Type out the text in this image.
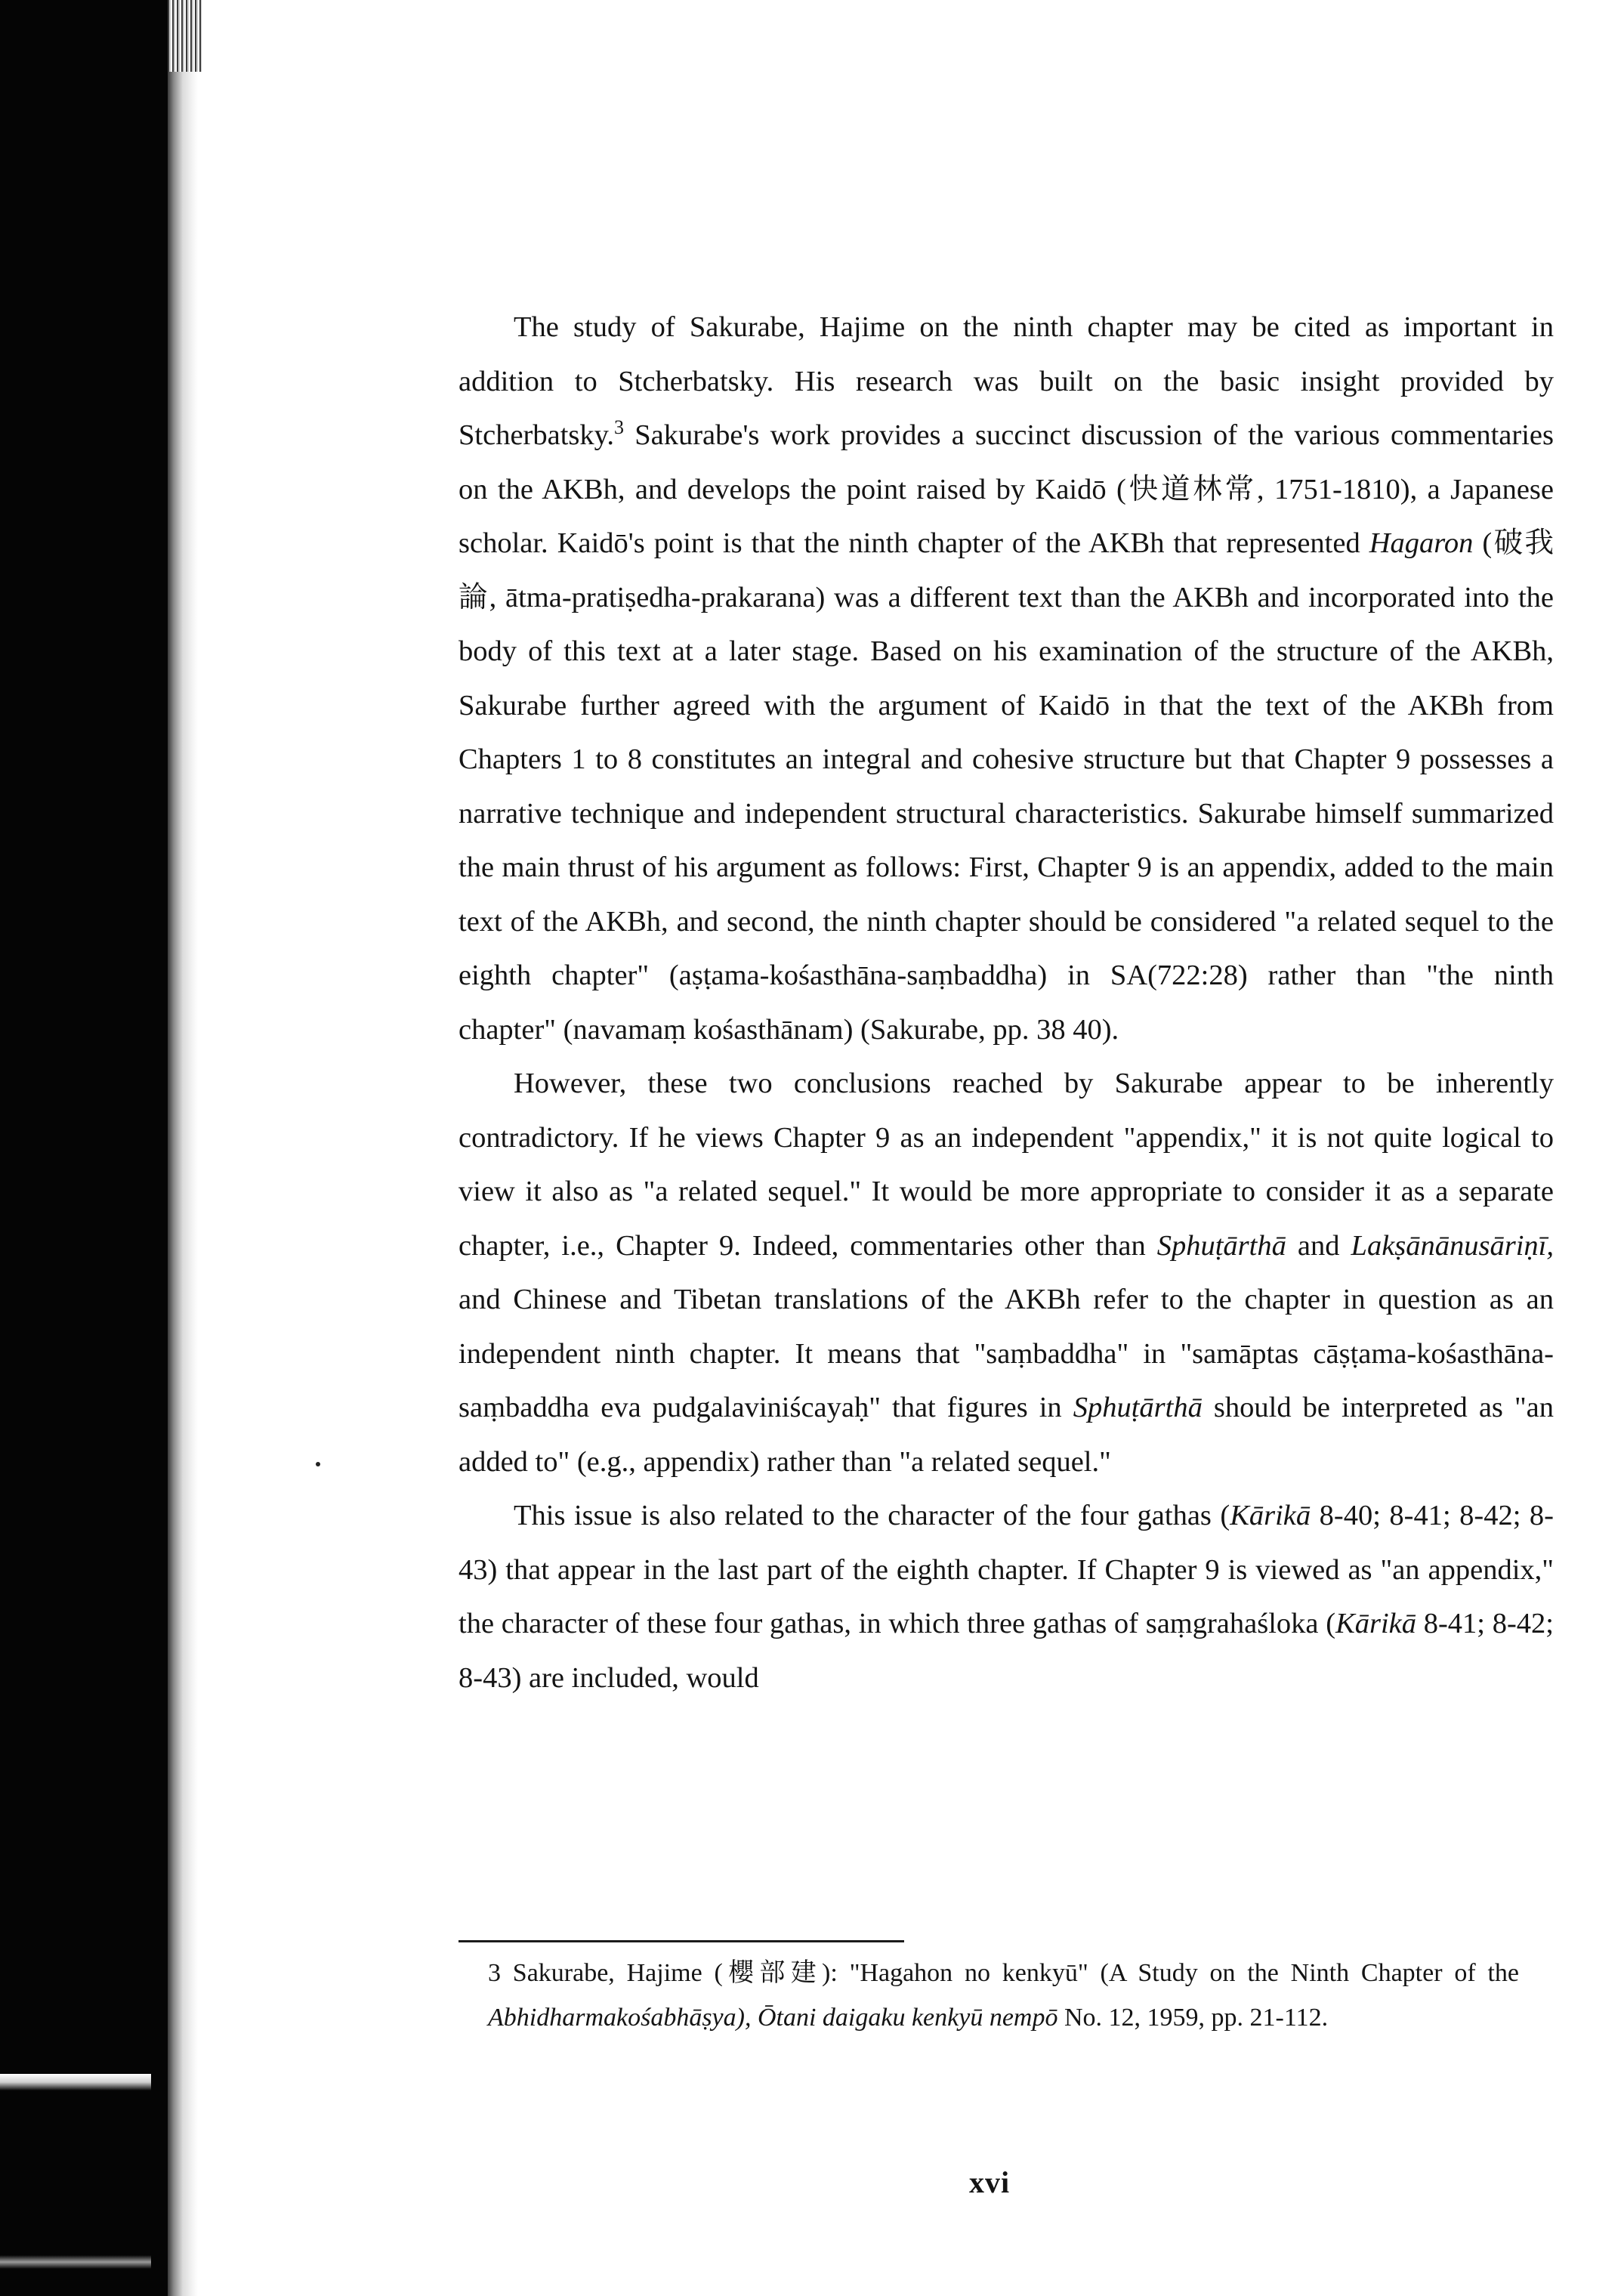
The study of Sakurabe, Hajime on the ninth chapter may be cited as important in addition to Stcherbatsky. His research was built on the basic insight provided by Stcherbatsky.$^3$ Sakurabe's work provides a succinct discussion of the various commentaries on the AKBh, and develops the point raised by Kaidō (快道林常, 1751-1810), a Japanese scholar. Kaidō's point is that the ninth chapter of the AKBh that represented Hagaron (破我論, ātma-pratiṣedha-prakarana) was a different text than the AKBh and incorporated into the body of this text at a later stage. Based on his examination of the structure of the AKBh, Sakurabe further agreed with the argument of Kaidō in that the text of the AKBh from Chapters 1 to 8 constitutes an integral and cohesive structure but that Chapter 9 possesses a narrative technique and independent structural characteristics. Sakurabe himself summarized the main thrust of his argument as follows: First, Chapter 9 is an appendix, added to the main text of the AKBh, and second, the ninth chapter should be considered "a related sequel to the eighth chapter" (aṣṭama-kośasthāna-saṃbaddha) in SA(722:28) rather than "the ninth chapter" (navamaṃ kośasthānam) (Sakurabe, pp. 38 40).

However, these two conclusions reached by Sakurabe appear to be inherently contradictory. If he views Chapter 9 as an independent "appendix," it is not quite logical to view it also as "a related sequel." It would be more appropriate to consider it as a separate chapter, i.e., Chapter 9. Indeed, commentaries other than Sphuṭārthā and Lakṣānānusāriṇī, and Chinese and Tibetan translations of the AKBh refer to the chapter in question as an independent ninth chapter. It means that "saṃbaddha" in "samāptas cāṣṭama-kośasthāna-saṃbaddha eva pudgalaviniścayaḥ" that figures in Sphuṭārthā should be interpreted as "an added to" (e.g., appendix) rather than "a related sequel."

This issue is also related to the character of the four gathas (Kārikā 8-40; 8-41; 8-42; 8-43) that appear in the last part of the eighth chapter. If Chapter 9 is viewed as "an appendix," the character of these four gathas, in which three gathas of saṃgrahaśloka (Kārikā 8-41; 8-42; 8-43) are included, would

3 Sakurabe, Hajime (櫻部建): "Hagahon no kenkyū" (A Study on the Ninth Chapter of the Abhidharmakośabhāṣya), Ōtani daigaku kenkyū nempō No. 12, 1959, pp. 21-112.

xvi
